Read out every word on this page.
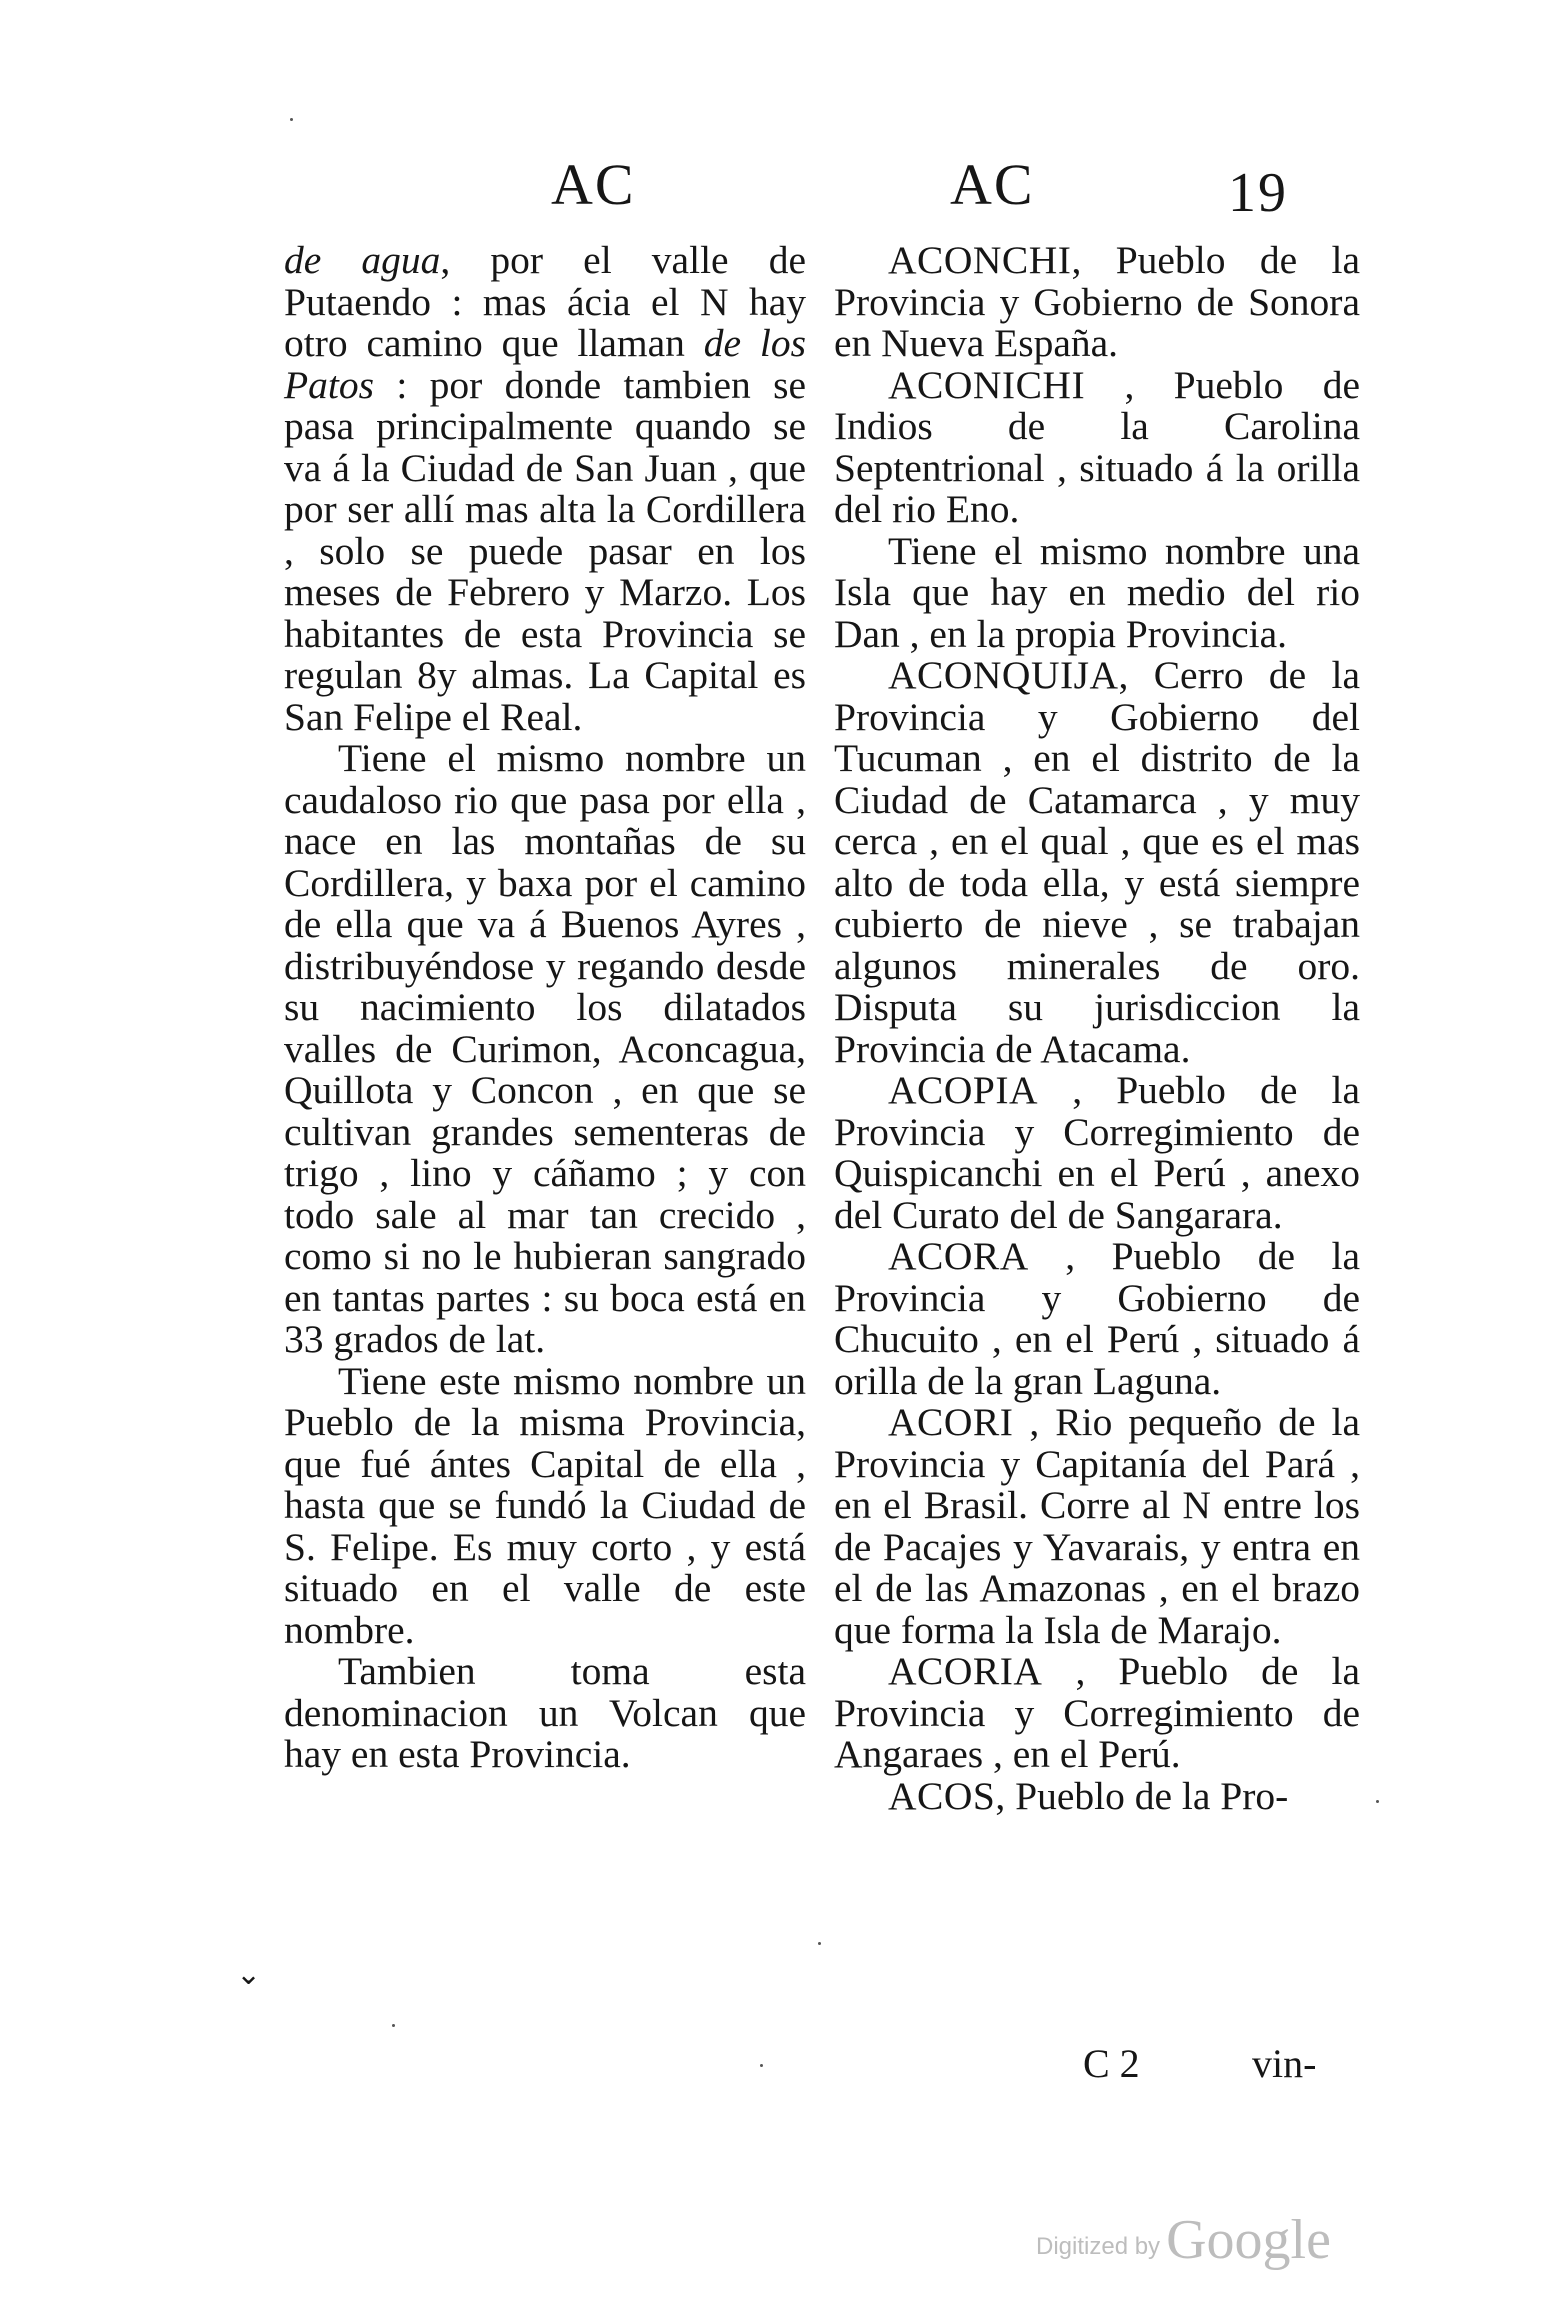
AC	AC	19

de agua, por el valle de Putaendo : mas ácia el N hay otro camino que llaman de los Patos : por donde tambien se pasa principalmente quando se va á la Ciudad de San Juan , que por ser allí mas alta la Cordillera , solo se puede pasar en los meses de Febrero y Marzo. Los habitantes de esta Provincia se regulan 8y almas. La Capital es San Felipe el Real.

Tiene el mismo nombre un caudaloso rio que pasa por ella , nace en las montañas de su Cordillera, y baxa por el camino de ella que va á Buenos Ayres , distribuyéndose y regando desde su nacimiento los dilatados valles de Curimon, Aconcagua, Quillota y Concon , en que se cultivan grandes sementeras de trigo , lino y cáñamo ; y con todo sale al mar tan crecido , como si no le hubieran sangrado en tantas partes : su boca está en 33 grados de lat.

Tiene este mismo nombre un Pueblo de la misma Provincia, que fué ántes Capital de ella , hasta que se fundó la Ciudad de S. Felipe. Es muy corto , y está situado en el valle de este nombre.

Tambien toma esta denominacion un Volcan que hay en esta Provincia.

ACONCHI, Pueblo de la Provincia y Gobierno de Sonora en Nueva España.

ACONICHI , Pueblo de Indios de la Carolina Septentrional , situado á la orilla del rio Eno.

Tiene el mismo nombre una Isla que hay en medio del rio Dan , en la propia Provincia.

ACONQUIJA, Cerro de la Provincia y Gobierno del Tucuman , en el distrito de la Ciudad de Catamarca , y muy cerca , en el qual , que es el mas alto de toda ella, y está siempre cubierto de nieve , se trabajan algunos minerales de oro. Disputa su jurisdiccion la Provincia de Atacama.

ACOPIA , Pueblo de la Provincia y Corregimiento de Quispicanchi en el Perú , anexo del Curato del de Sangarara.

ACORA , Pueblo de la Provincia y Gobierno de Chucuito , en el Perú , situado á orilla de la gran Laguna.

ACORI , Rio pequeño de la Provincia y Capitanía del Pará , en el Brasil. Corre al N entre los de Pacajes y Yavarais, y entra en el de las Amazonas , en el brazo que forma la Isla de Marajo.

ACORIA , Pueblo de la Provincia y Corregimiento de Angaraes , en el Perú.

ACOS, Pueblo de la Pro-

C 2	vin-
⌄
Digitized by Google
